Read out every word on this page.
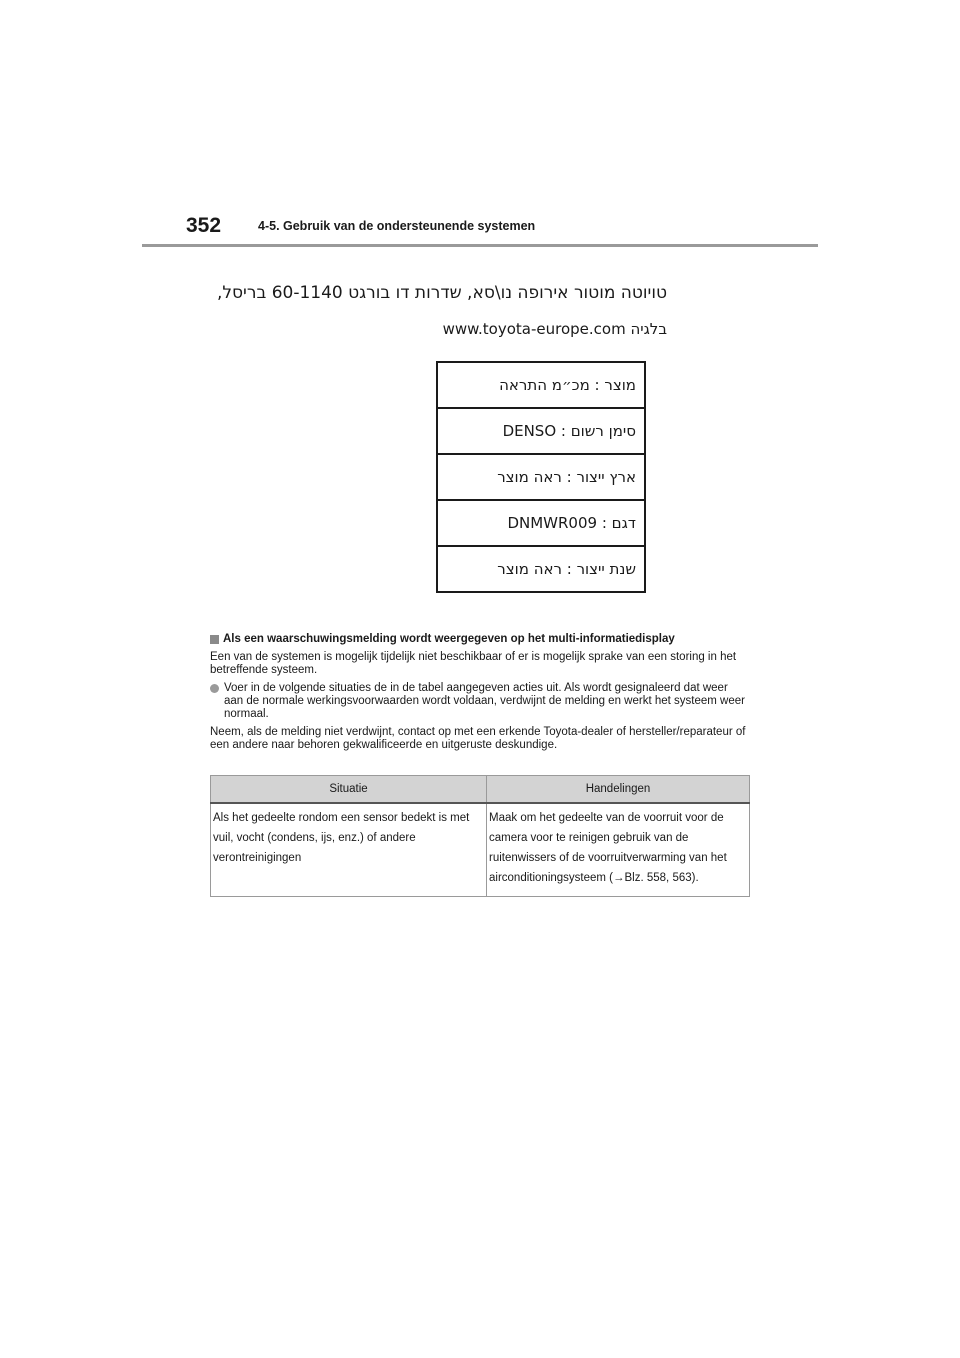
352	4-5. Gebruik van de ondersteunende systemen
טויוטה מוטור אירופה נו\סא, שדרות דו בורגט 60-1140 בריסל,
בלגיה www.toyota-europe.com
מוצר : מכ״מ התראה
סימן רשום : DENSO
ארץ ייצור : ראה מוצר
דגם : DNMWR009
שנת ייצור : ראה מוצר

Als een waarschuwingsmelding wordt weergegeven op het multi-informatiedisplay

Een van de systemen is mogelijk tijdelijk niet beschikbaar of er is mogelijk sprake van een storing in het betreffende systeem.

Voer in de volgende situaties de in de tabel aangegeven acties uit. Als wordt gesignaleerd dat weer aan de normale werkingsvoorwaarden wordt voldaan, verdwijnt de melding en werkt het systeem weer normaal.

Neem, als de melding niet verdwijnt, contact op met een erkende Toyota-dealer of hersteller/reparateur of een andere naar behoren gekwalificeerde en uitgeruste deskundige.

Situatie	Handelingen
Als het gedeelte rondom een sensor bedekt is met vuil, vocht (condens, ijs, enz.) of andere verontreinigingen	Maak om het gedeelte van de voorruit voor de camera voor te reinigen gebruik van de ruitenwissers of de voorruitverwarming van het airconditioningsysteem (→Blz. 558, 563).
